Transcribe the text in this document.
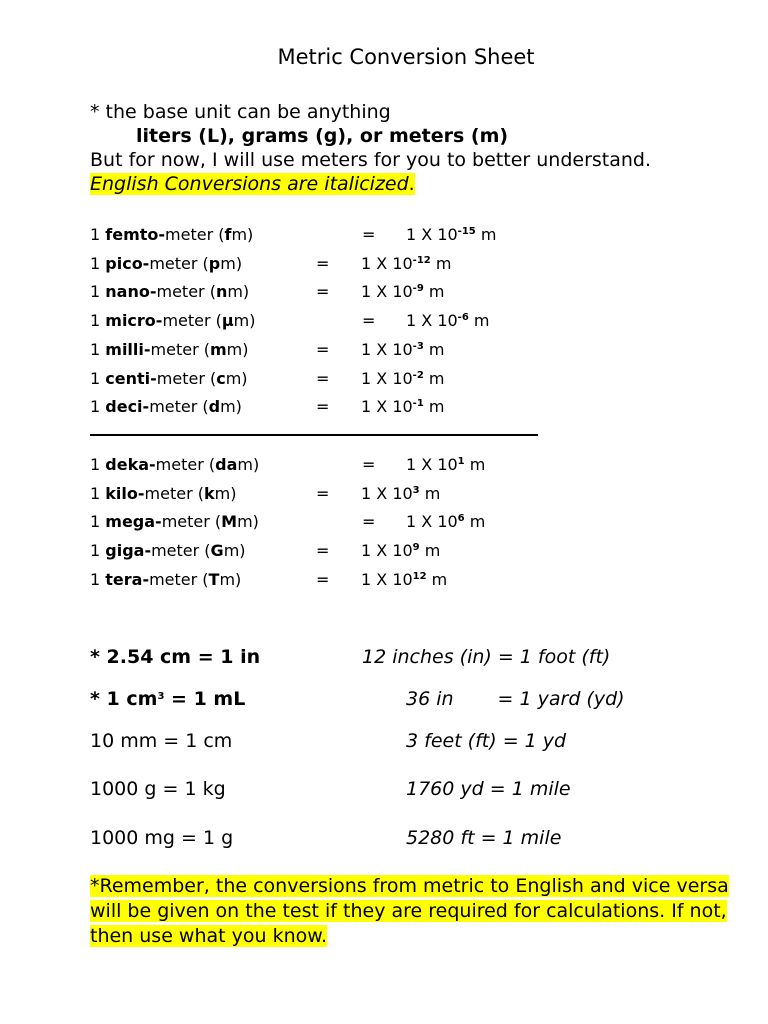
Metric Conversion Sheet
* the base unit can be anything
liters (L), grams (g), or meters (m)
But for now, I will use meters for you to better understand.
English Conversions are italicized.
1 femto-meter (fm)	= 1 X $10^{-15}$ m
1 pico-meter (pm)	= 1 X $10^{-12}$ m
1 nano-meter (nm)	= 1 X $10^{-9}$ m
1 micro-meter (µm)	= 1 X $10^{-6}$ m
1 milli-meter (mm)	= 1 X $10^{-3}$ m
1 centi-meter (cm)	= 1 X $10^{-2}$ m
1 deci-meter (dm)	= 1 X $10^{-1}$ m
1 deka-meter (dam)	= 1 X $10^1$ m
1 kilo-meter (km)	= 1 X $10^3$ m
1 mega-meter (Mm)	= 1 X $10^6$ m
1 giga-meter (Gm)	= 1 X $10^9$ m
1 tera-meter (Tm)	= 1 X $10^{12}$ m
* 2.54 cm = 1 in	12 inches (in) = 1 foot (ft)
* 1 $cm^3 = 1$ mL	36 in = 1 yard (yd)
10 mm = 1 cm	3 feet (ft) = 1 yd
1000 g = 1 kg	1760 yd = 1 mile
1000 mg = 1 g	5280 ft = 1 mile
*Remember, the conversions from metric to English and vice versa will be given on the test if they are required for calculations. If not, then use what you know.
